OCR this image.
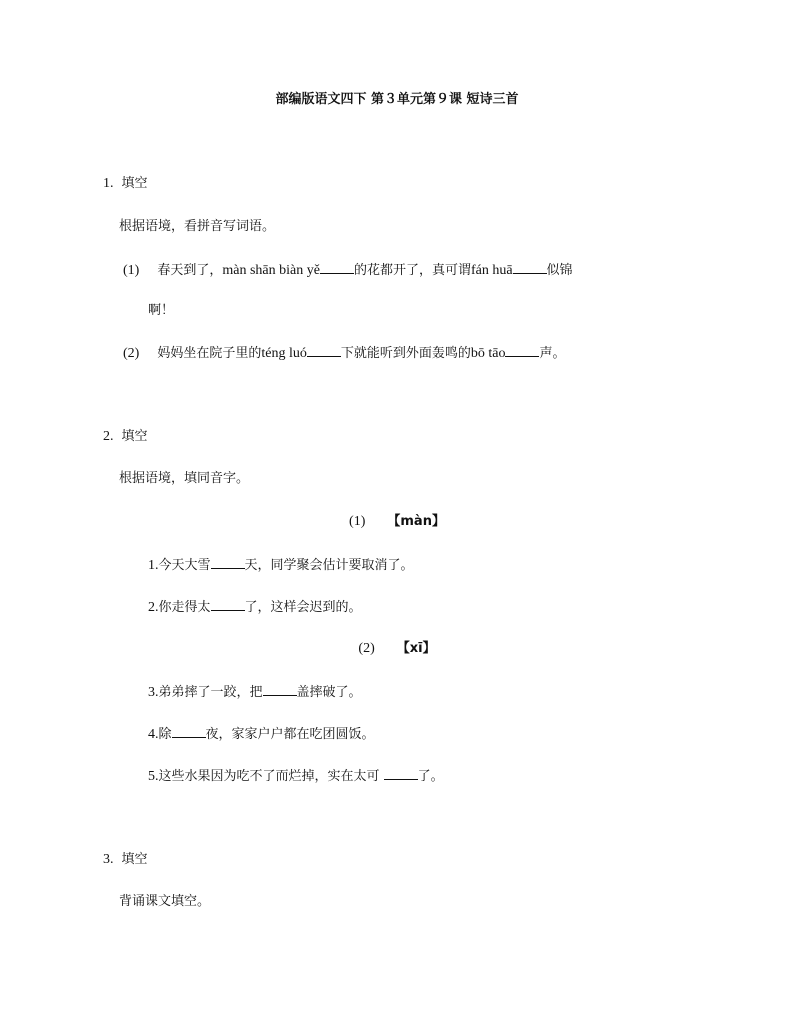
部编版语文四下 第３单元第９课 短诗三首
1. 填空
根据语境，看拼音写词语。
(1) 春天到了，màn shān biàn yě	的花都开了，真可谓fán huā	似锦
啊！
(2) 妈妈坐在院子里的téng luó	下就能听到外面轰鸣的bō tāo	声。
2. 填空
根据语境，填同音字。
(1) 【màn】
1.今天大雪	天，同学聚会估计要取消了。
2.你走得太	了，这样会迟到的。
(2) 【xī】
3.弟弟摔了一跤，把	盖摔破了。
4.除	夜，家家户户都在吃团圆饭。
5.这些水果因为吃不了而烂掉，实在太可	了。
3. 填空
背诵课文填空。
